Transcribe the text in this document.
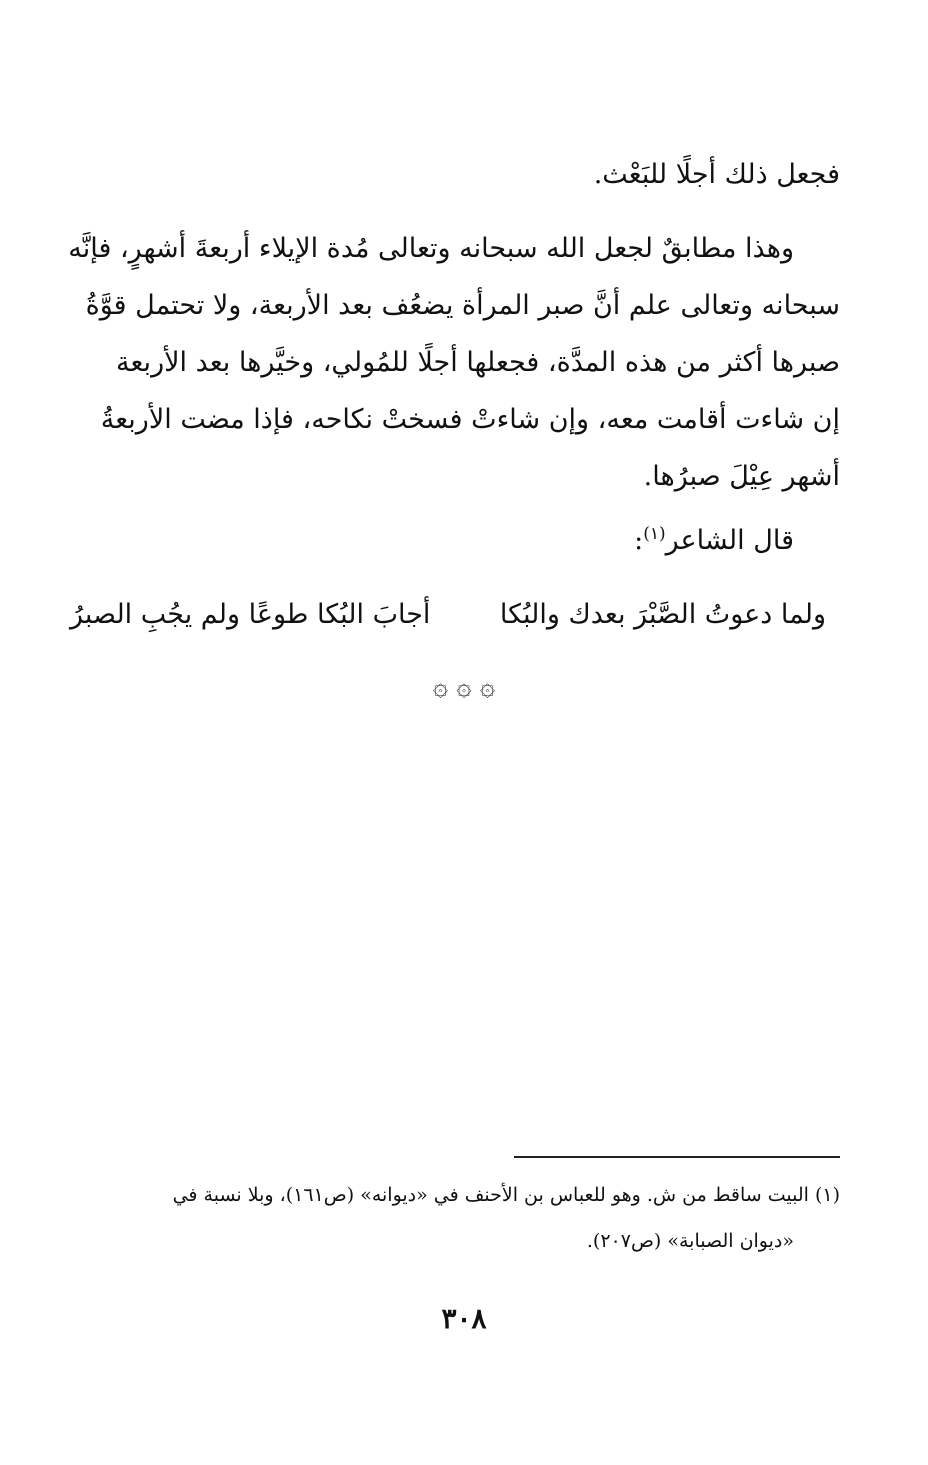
فجعل ذلك أجلًا للبَعْث.
وهذا مطابقٌ لجعل الله سبحانه وتعالى مُدة الإيلاء أربعةَ أشهرٍ، فإنَّه
سبحانه وتعالى علم أنَّ صبر المرأة يضعُف بعد الأربعة، ولا تحتمل قوَّةُ
صبرها أكثر من هذه المدَّة، فجعلها أجلًا للمُولي، وخيَّرها بعد الأربعة
إن شاءت أقامت معه، وإن شاءتْ فسختْ نكاحه، فإذا مضت الأربعةُ
أشهر عِيْلَ صبرُها.
قال الشاعر$^{(١)}$:
ولما دعوتُ الصَّبْرَ بعدك والبُكا
أجابَ البُكا طوعًا ولم يجُبِ الصبرُ
۞ ۞ ۞
(١) البيت ساقط من ش. وهو للعباس بن الأحنف في «ديوانه» (ص١٦١)، وبلا نسبة في
«ديوان الصبابة» (ص٢٠٧).
٣٠٨
